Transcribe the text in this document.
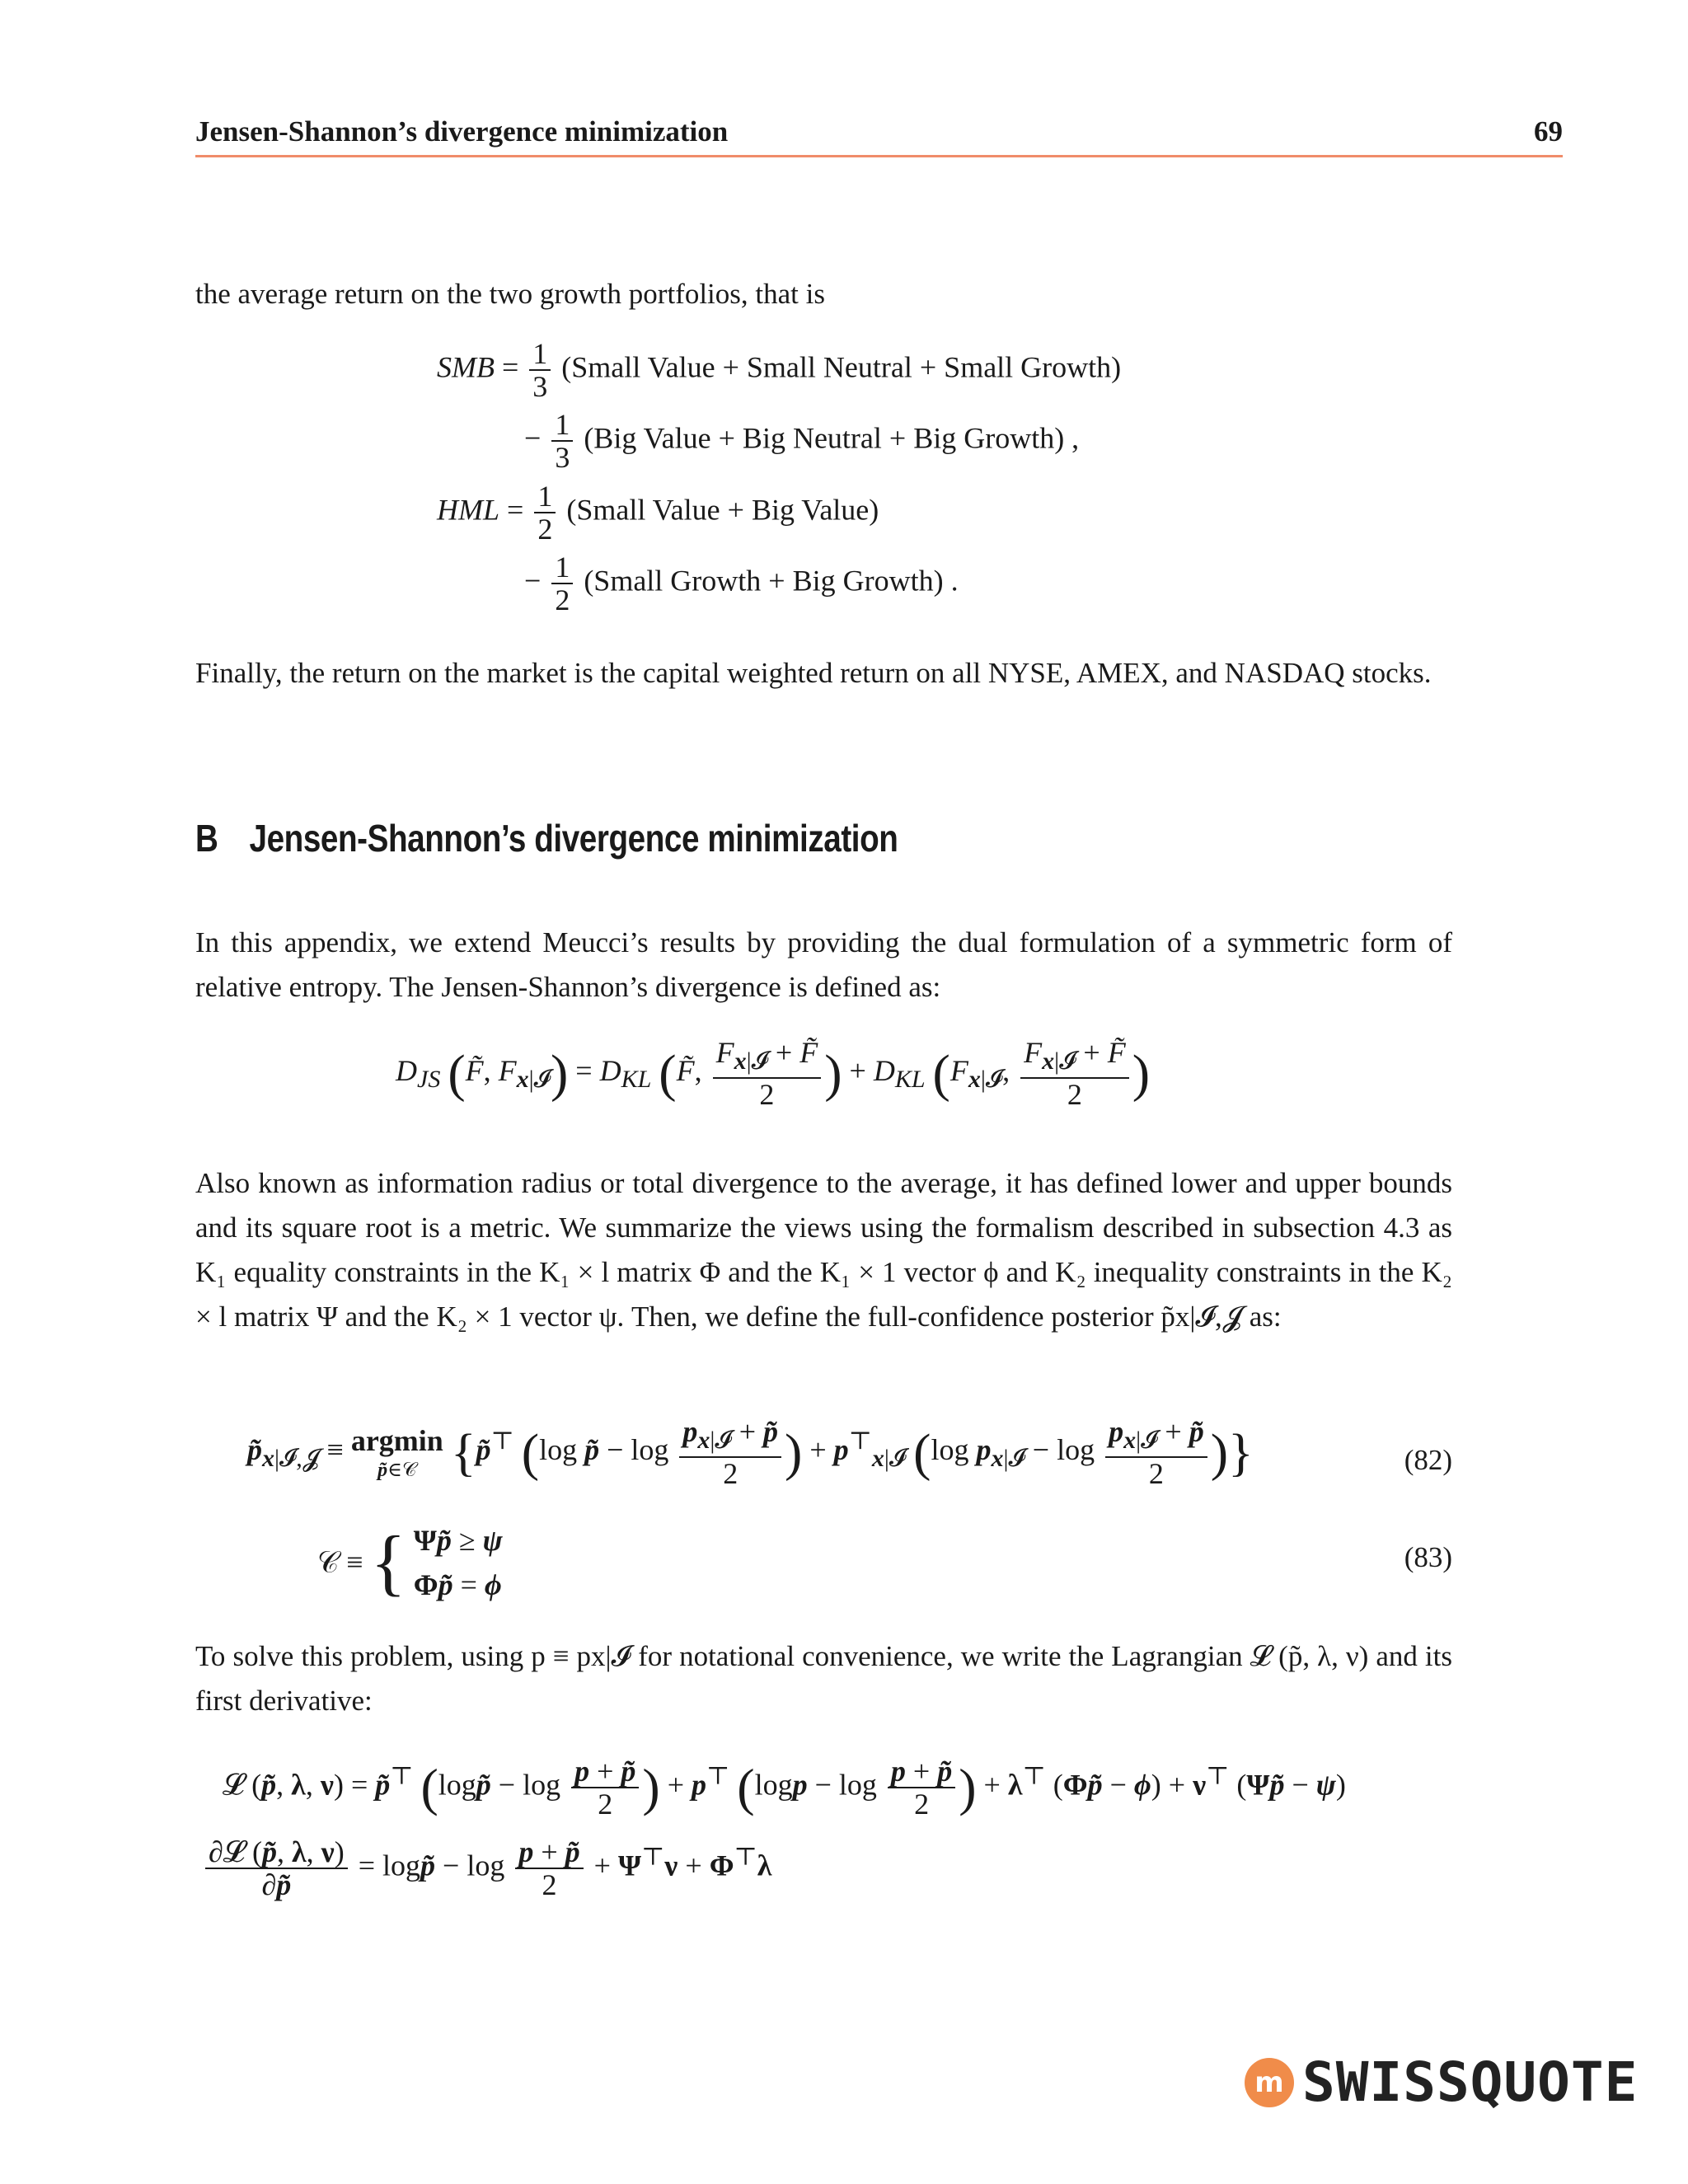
Jensen-Shannon’s divergence minimization	69
the average return on the two growth portfolios, that is
SMB = $\frac{1}{3}$ (Small Value + Small Neutral + Small Growth)
− $\frac{1}{3} (Big$ Value + Big Neutral + Big Growth) ,
HML = $\frac{1}{2}$ (Small Value + Big Value)
− $\frac{1}{2}$ (Small Growth + Big Growth) .
Finally, the return on the market is the capital weighted return on all NYSE, AMEX, and NASDAQ stocks.
B Jensen-Shannon’s divergence minimization
In this appendix, we extend Meucci’s results by providing the dual formulation of a symmetric form of relative entropy. The Jensen-Shannon’s divergence is defined as:
$D_{JS}$ (F̃, $F_{x|𝓘}) = D_{KL}$ (F̃, $\frac{F_{x|𝓘} + F̃}{2}$ ) + $D_{KL}$ ($F_{x|𝓘}$, $\frac{F_{x|𝓘} + F̃}{2}$ )
Also known as information radius or total divergence to the average, it has defined lower and upper bounds and its square root is a metric. We summarize the views using the formalism described in subsection 4.3 as K₁ equality constraints in the K₁ × l matrix Φ and the K₁ × 1 vector ϕ and K₂ inequality constraints in the K₂ × l matrix Ψ and the K₂ × 1 vector ψ. Then, we define the full-confidence posterior p̃x|𝓘,𝓙 as:
$p̃_{x|𝓘,𝓙} \equiv argmin$
p̃∈𝒞 {p̃⊤ (log p̃ − $\log \frac{p_{x|𝓘} + p̃}{2}$ ) + $p^⊤_{x|𝓘}$ (log $p_{x|𝓘} - \log \frac{p_{x|𝓘} + p̃}{2}$ )}	(82)
𝒞 ≡ { Ψp̃ ≥ ψ
Φp̃ = ϕ
(83)
To solve this problem, using p ≡ px|𝓘 for notational convenience, we write the Lagrangian 𝓛 (p̃, λ, ν) and its first derivative:
𝓛 (p̃, λ, ν) = p̃⊤ (logp̃ − $\log \frac{p + p̃}{2}$ ) + p⊤ ($\log p - \log \frac{p + p̃}{2}$ ) + λ⊤ (Φp̃ − ϕ) + ν⊤ (Ψp̃ − ψ)
$\frac{\text{∂𝓛 (p̃, λ, ν)}}{\partial p̃}$ = logp̃ − $\log \frac{p + p̃}{2} + \Psi^⊤\nu + \Phi^⊤\lambda$
m SWISSQUOTE
